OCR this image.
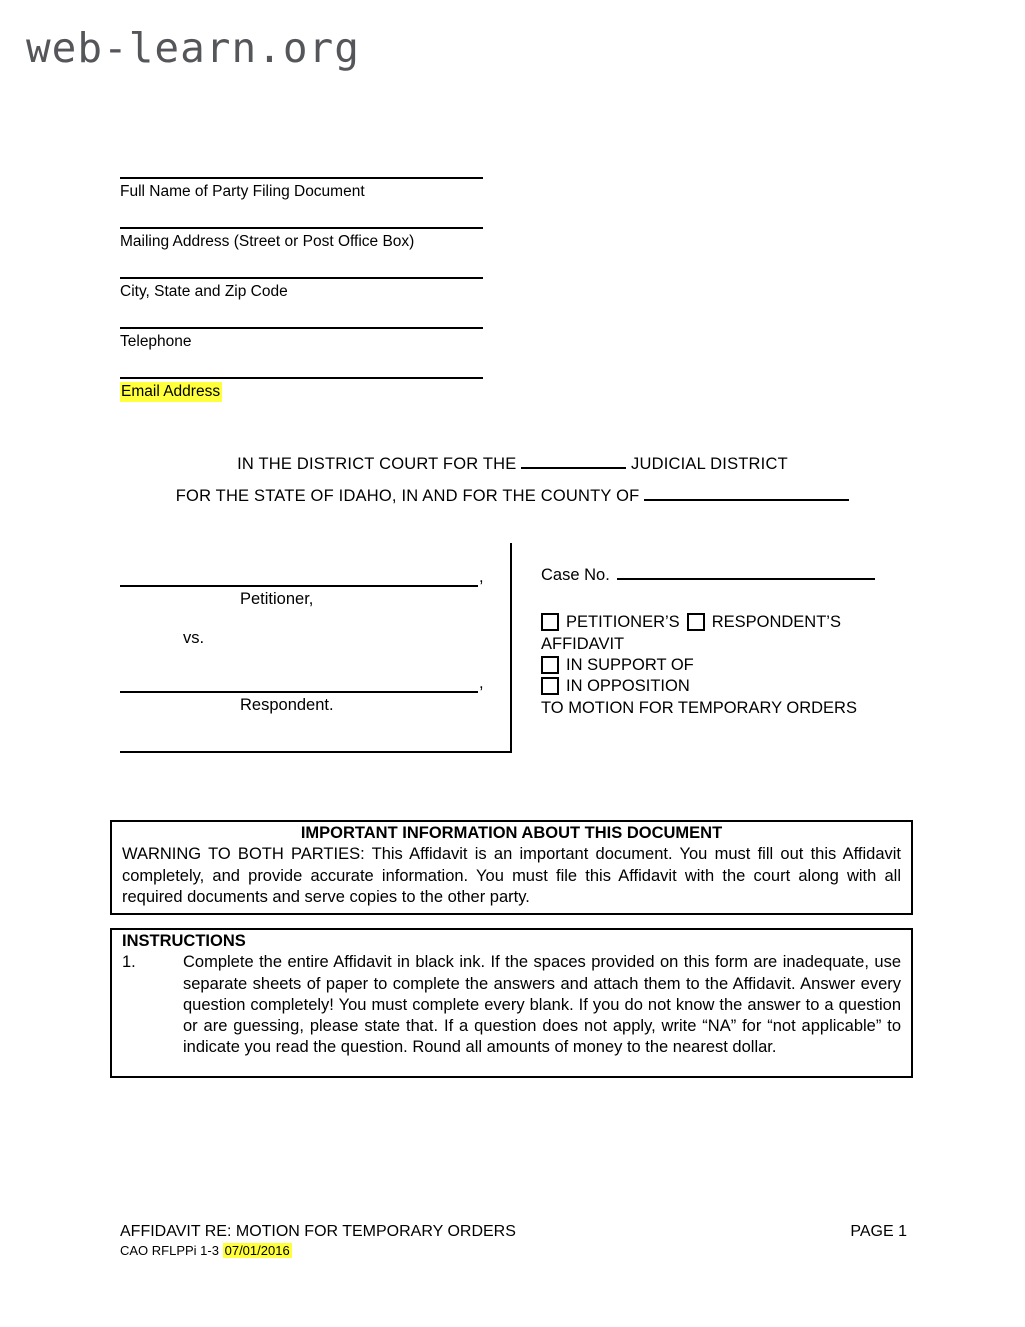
web-learn.org
Full Name of Party Filing Document
Mailing Address (Street or Post Office Box)
City, State and Zip Code
Telephone
Email Address
IN THE DISTRICT COURT FOR THE	JUDICIAL DISTRICT
FOR THE STATE OF IDAHO, IN AND FOR THE COUNTY OF
,
Petitioner,
vs.
,
Respondent.
Case No.
PETITIONER’S RESPONDENT’S
AFFIDAVIT
IN SUPPORT OF
IN OPPOSITION
TO MOTION FOR TEMPORARY ORDERS
IMPORTANT INFORMATION ABOUT THIS DOCUMENT
WARNING TO BOTH PARTIES: This Affidavit is an important document. You must fill out this Affidavit completely, and provide accurate information. You must file this Affidavit with the court along with all required documents and serve copies to the other party.
INSTRUCTIONS
1.	Complete the entire Affidavit in black ink. If the spaces provided on this form are inadequate, use separate sheets of paper to complete the answers and attach them to the Affidavit. Answer every question completely! You must complete every blank. If you do not know the answer to a question or are guessing, please state that. If a question does not apply, write “NA” for “not applicable” to indicate you read the question. Round all amounts of money to the nearest dollar.
AFFIDAVIT RE: MOTION FOR TEMPORARY ORDERS	PAGE 1
CAO RFLPPi 1-3 07/01/2016
